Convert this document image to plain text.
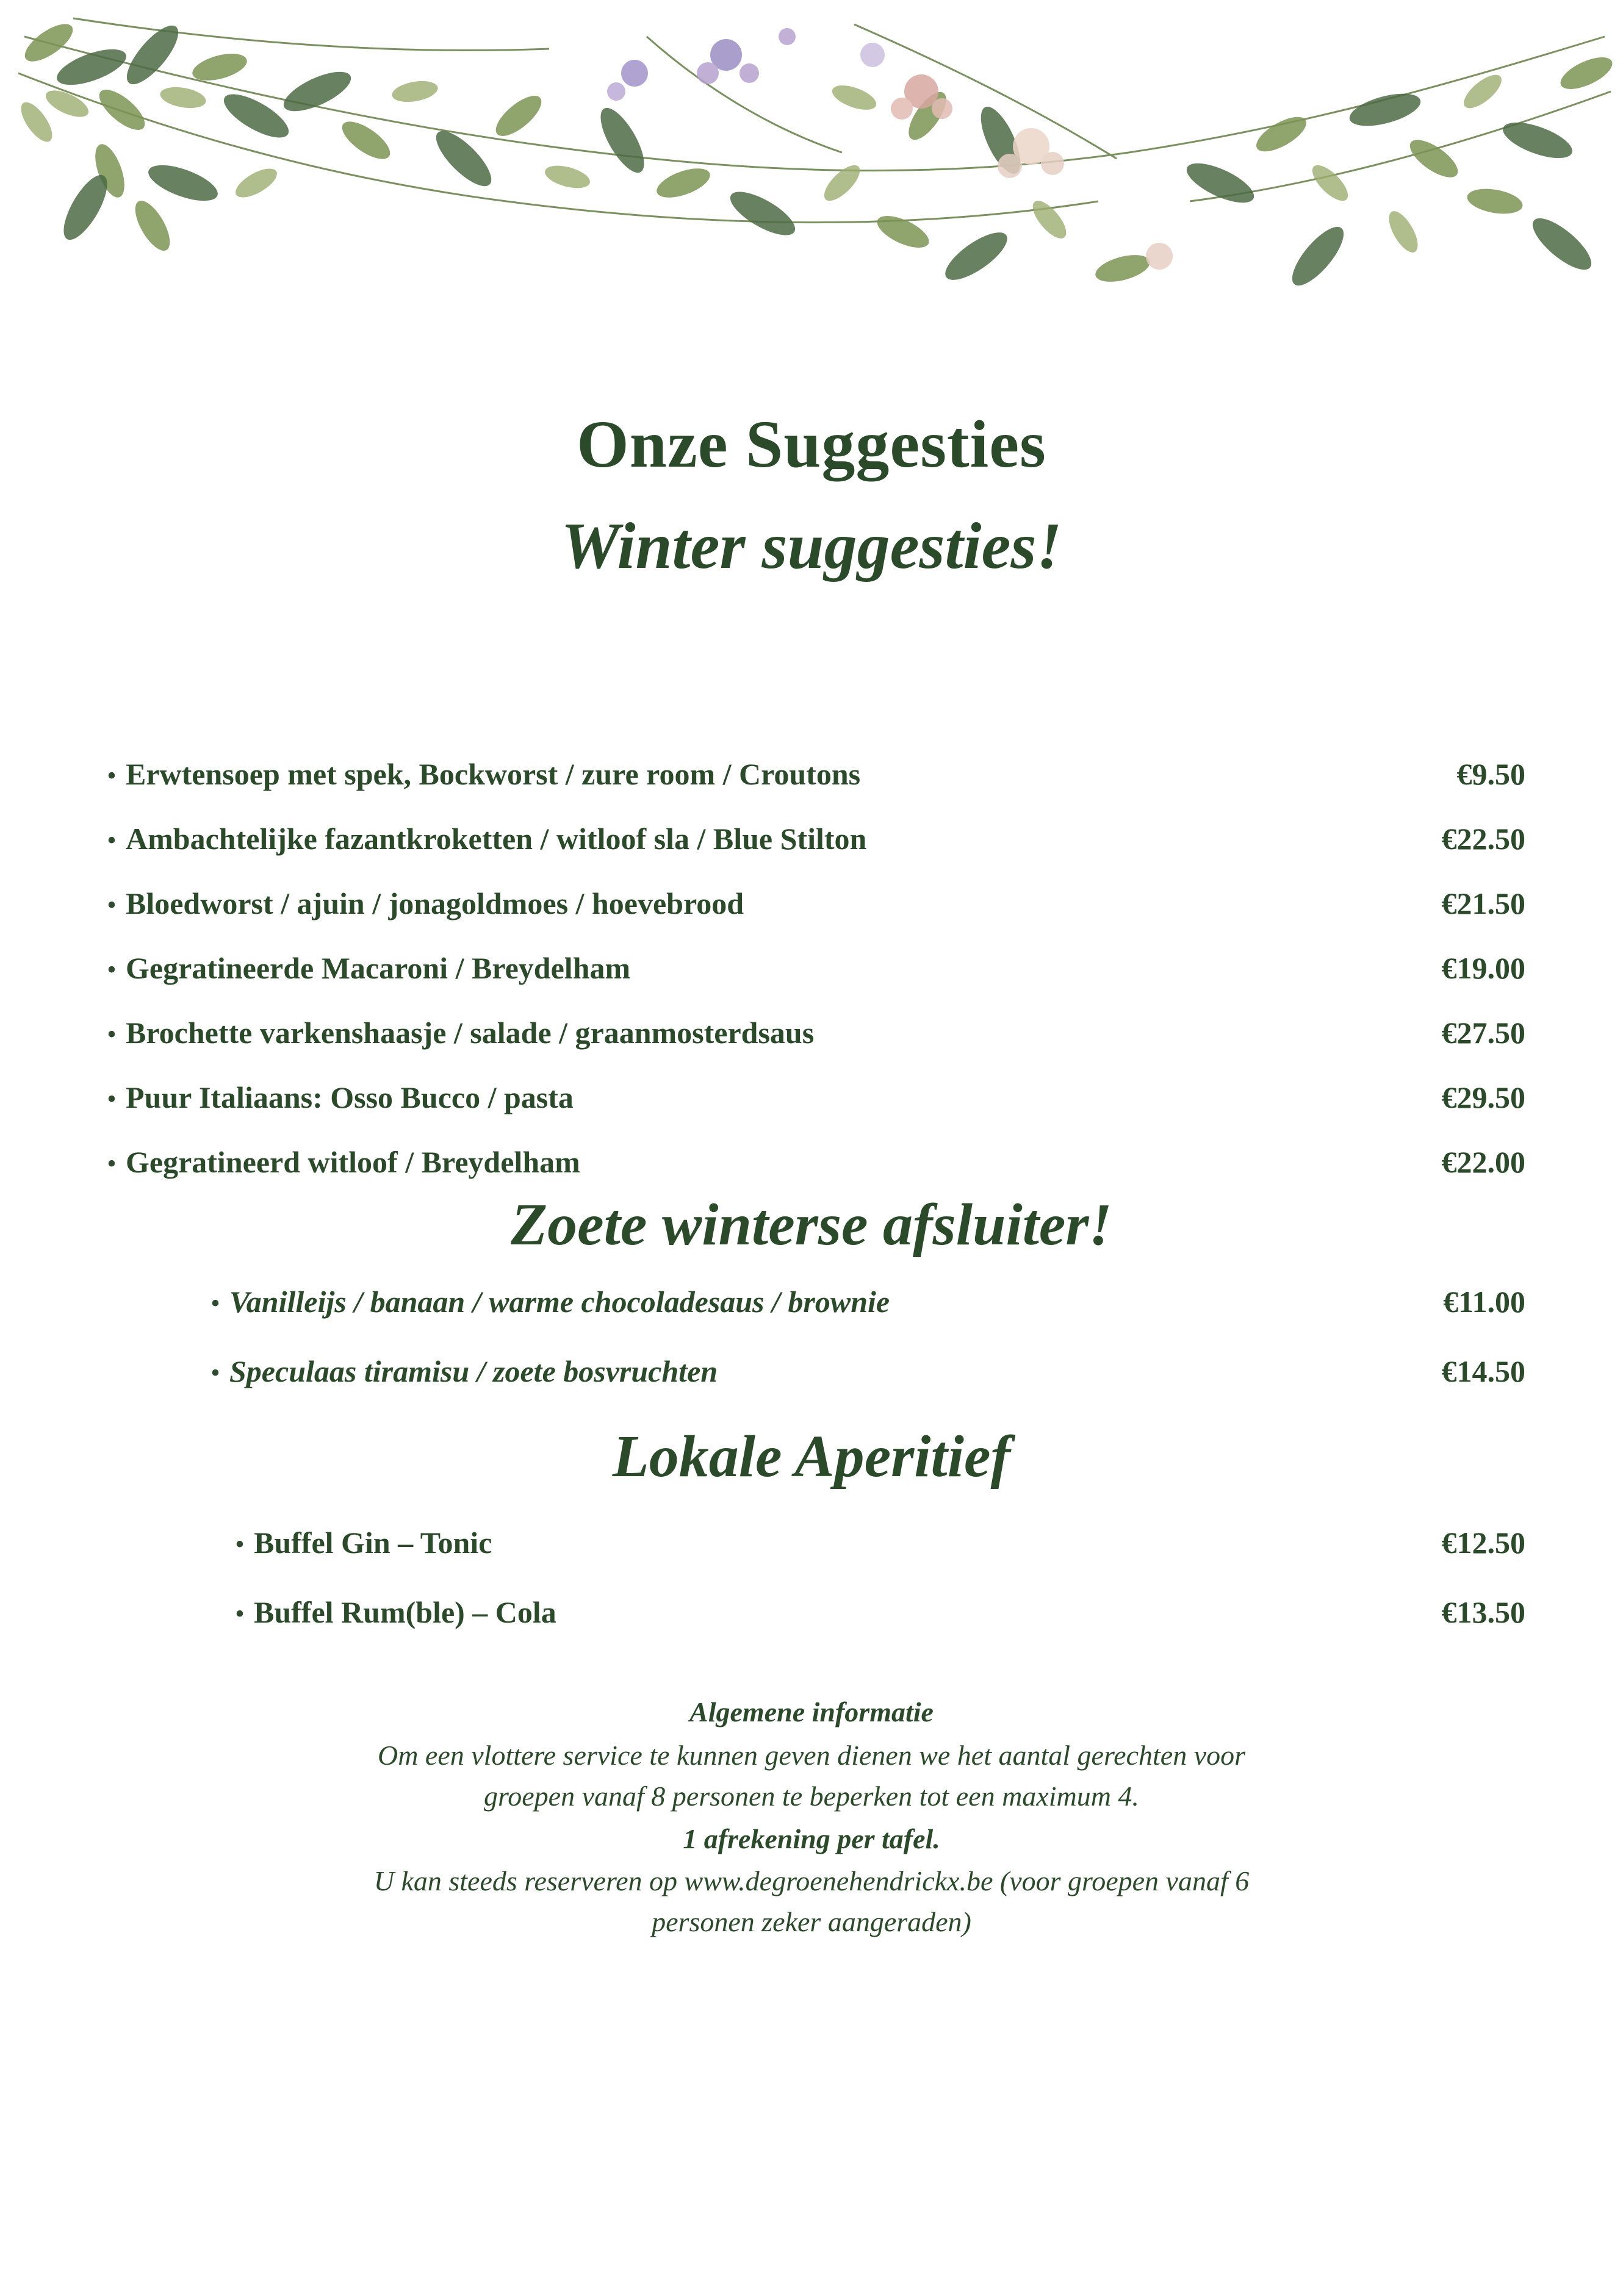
Onze Suggesties
Winter suggesties!
•
Erwtensoep met spek, Bockworst / zure room / Croutons	€9.50
•
Ambachtelijke fazantkroketten / witloof sla / Blue Stilton	€22.50
•
Bloedworst / ajuin / jonagoldmoes / hoevebrood	€21.50
•
Gegratineerde Macaroni / Breydelham	€19.00
•
Brochette varkenshaasje / salade / graanmosterdsaus	€27.50
•
Puur Italiaans: Osso Bucco / pasta	€29.50
•
Gegratineerd witloof / Breydelham	€22.00
Zoete winterse afsluiter!
•
Vanilleijs / banaan / warme chocoladesaus / brownie	€11.00
•
Speculaas tiramisu / zoete bosvruchten	€14.50
Lokale Aperitief
•
Buffel Gin – Tonic	€12.50
•
Buffel Rum(ble) – Cola	€13.50

Algemene informatie

Om een vlottere service te kunnen geven dienen we het aantal gerechten voor

groepen vanaf 8 personen te beperken tot een maximum 4.

1 afrekening per tafel.

U kan steeds reserveren op www.degroenehendrickx.be (voor groepen vanaf 6

personen zeker aangeraden)
